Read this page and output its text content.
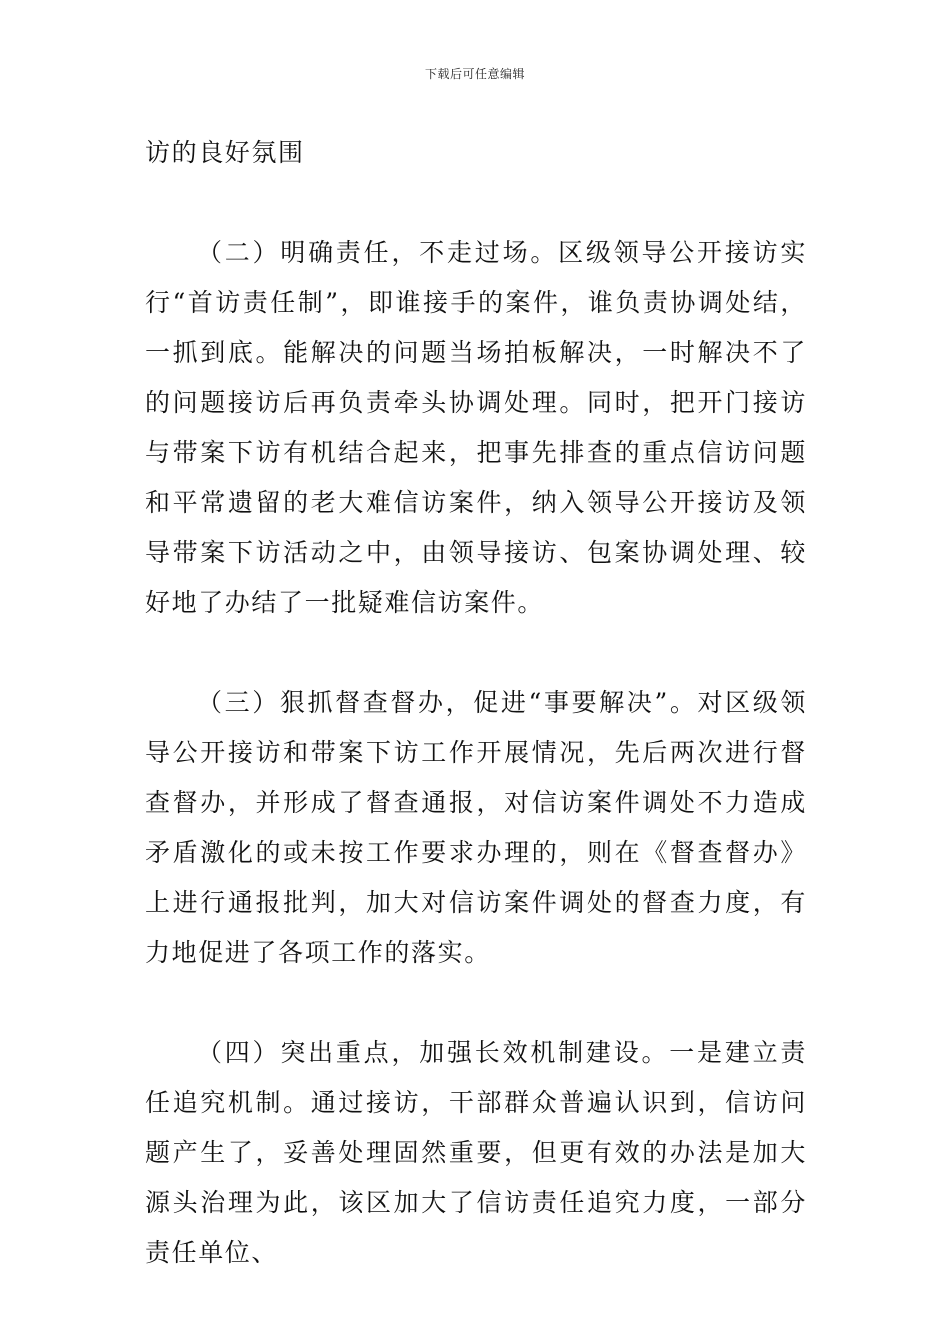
下载后可任意编辑

访的良好氛围

（二）明确责任，不走过场。区级领导公开接访实行“首访责任制”，即谁接手的案件，谁负责协调处结，一抓到底。能解决的问题当场拍板解决，一时解决不了的问题接访后再负责牵头协调处理。同时，把开门接访与带案下访有机结合起来，把事先排查的重点信访问题和平常遗留的老大难信访案件，纳入领导公开接访及领导带案下访活动之中，由领导接访、包案协调处理、较好地了办结了一批疑难信访案件。

（三）狠抓督查督办，促进“事要解决”。对区级领导公开接访和带案下访工作开展情况，先后两次进行督查督办，并形成了督查通报，对信访案件调处不力造成矛盾激化的或未按工作要求办理的，则在《督查督办》上进行通报批判，加大对信访案件调处的督查力度，有力地促进了各项工作的落实。

（四）突出重点，加强长效机制建设。一是建立责任追究机制。通过接访，干部群众普遍认识到，信访问题产生了，妥善处理固然重要，但更有效的办法是加大源头治理为此，该区加大了信访责任追究力度，一部分责任单位、
